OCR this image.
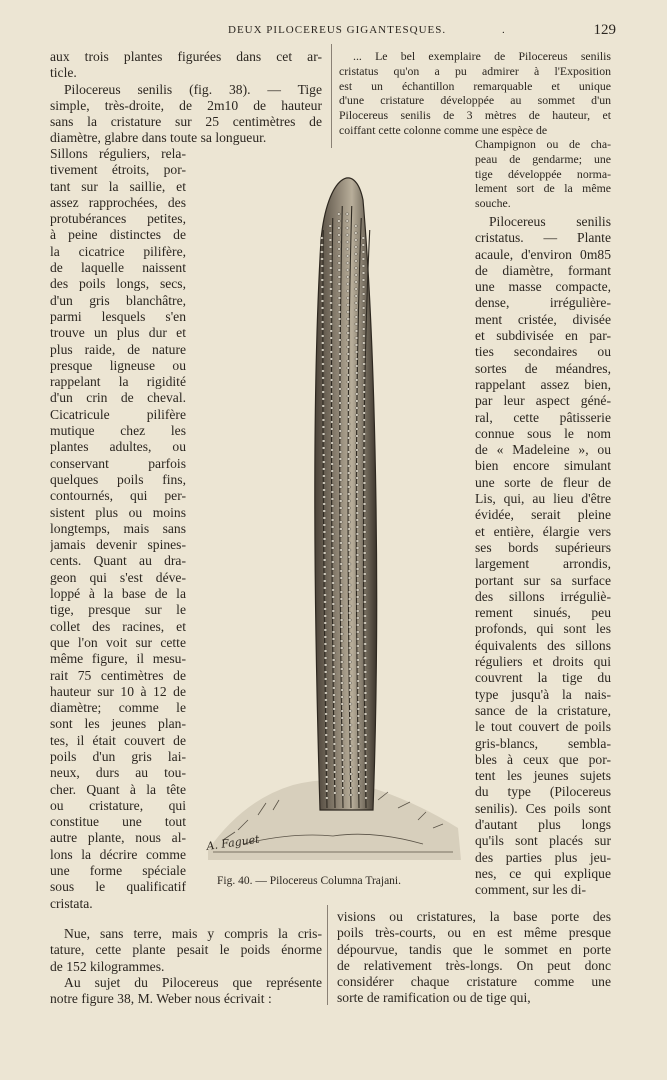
DEUX PILOCEREUS GIGANTESQUES.	.	129
aux trois plantes figurées dans cet ar-
ticle.
Pilocereus senilis (fig. 38). — Tige
simple, très-droite, de 2m10 de hauteur
sans la cristature sur 25 centimètres de
diamètre, glabre dans toute sa longueur.
Sillons réguliers, rela-
tivement étroits, por-
tant sur la saillie, et
assez rapprochées, des
protubérances petites,
à peine distinctes de
la cicatrice pilifère,
de laquelle naissent
des poils longs, secs,
d'un gris blanchâtre,
parmi lesquels s'en
trouve un plus dur et
plus raide, de nature
presque ligneuse ou
rappelant la rigidité
d'un crin de cheval.
Cicatricule pilifère
mutique chez les
plantes adultes, ou
conservant parfois
quelques poils fins,
contournés, qui per-
sistent plus ou moins
longtemps, mais sans
jamais devenir spines-
cents. Quant au dra-
geon qui s'est déve-
loppé à la base de la
tige, presque sur le
collet des racines, et
que l'on voit sur cette
même figure, il mesu-
rait 75 centimètres de
hauteur sur 10 à 12 de
diamètre; comme le
sont les jeunes plan-
tes, il était couvert de
poils d'un gris lai-
neux, durs au tou-
cher. Quant à la tête
ou cristature, qui
constitue une tout
autre plante, nous al-
lons la décrire comme
une forme spéciale
sous le qualificatif
cristata.
Nue, sans terre, mais y compris la cris-
tature, cette plante pesait le poids énorme
de 152 kilogrammes.
Au sujet du Pilocereus que représente
notre figure 38, M. Weber nous écrivait :
... Le bel exemplaire de Pilocereus senilis
cristatus qu'on a pu admirer à l'Exposition
est un échantillon remarquable et unique
d'une cristature développée au sommet d'un
Pilocereus senilis de 3 mètres de hauteur, et
coiffant cette colonne comme une espèce de
Champignon ou de cha-
peau de gendarme; une
tige développée norma-
lement sort de la même
souche.
Pilocereus senilis
cristatus. — Plante
acaule, d'environ 0m85
de diamètre, formant
une masse compacte,
dense, irrégulière-
ment cristée, divisée
et subdivisée en par-
ties secondaires ou
sortes de méandres,
rappelant assez bien,
par leur aspect géné-
ral, cette pâtisserie
connue sous le nom
de « Madeleine », ou
bien encore simulant
une sorte de fleur de
Lis, qui, au lieu d'être
évidée, serait pleine
et entière, élargie vers
ses bords supérieurs
largement arrondis,
portant sur sa surface
des sillons irréguliè-
rement sinués, peu
profonds, qui sont les
équivalents des sillons
réguliers et droits qui
couvrent la tige du
type jusqu'à la nais-
sance de la cristature,
le tout couvert de poils
gris-blancs, sembla-
bles à ceux que por-
tent les jeunes sujets
du type (Pilocereus
senilis). Ces poils sont
d'autant plus longs
qu'ils sont placés sur
des parties plus jeu-
nes, ce qui explique
comment, sur les di-
visions ou cristatures, la base porte des
poils très-courts, ou en est même presque
dépourvue, tandis que le sommet en porte
de relativement très-longs. On peut donc
considérer chaque cristature comme une
sorte de ramification ou de tige qui,
A. Faguet
Fig. 40. — Pilocereus Columna Trajani.
